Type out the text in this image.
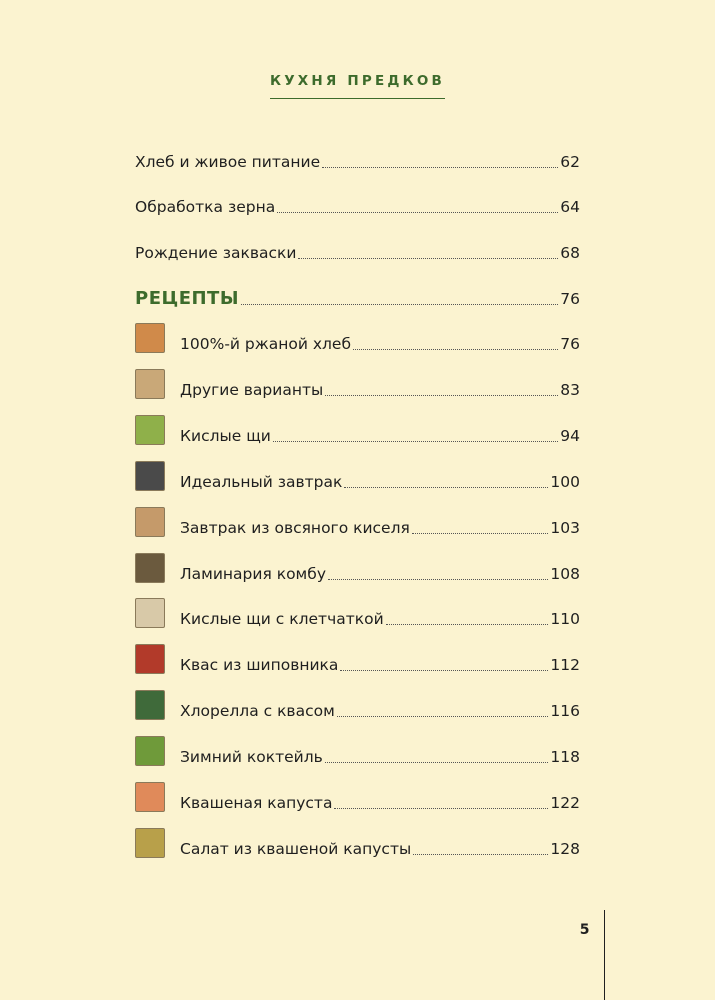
КУХНЯ ПРЕДКОВ
Хлеб и живое питание	62
Обработка зерна	64
Рождение закваски	68
РЕЦЕПТЫ	76
100%-й ржаной хлеб	76
Другие варианты	83
Кислые щи	94
Идеальный завтрак	100
Завтрак из овсяного киселя	103
Ламинария комбу	108
Кислые щи с клетчаткой	110
Квас из шиповника	112
Хлорелла с квасом	116
Зимний коктейль	118
Квашеная капуста	122
Салат из квашеной капусты	128
5
